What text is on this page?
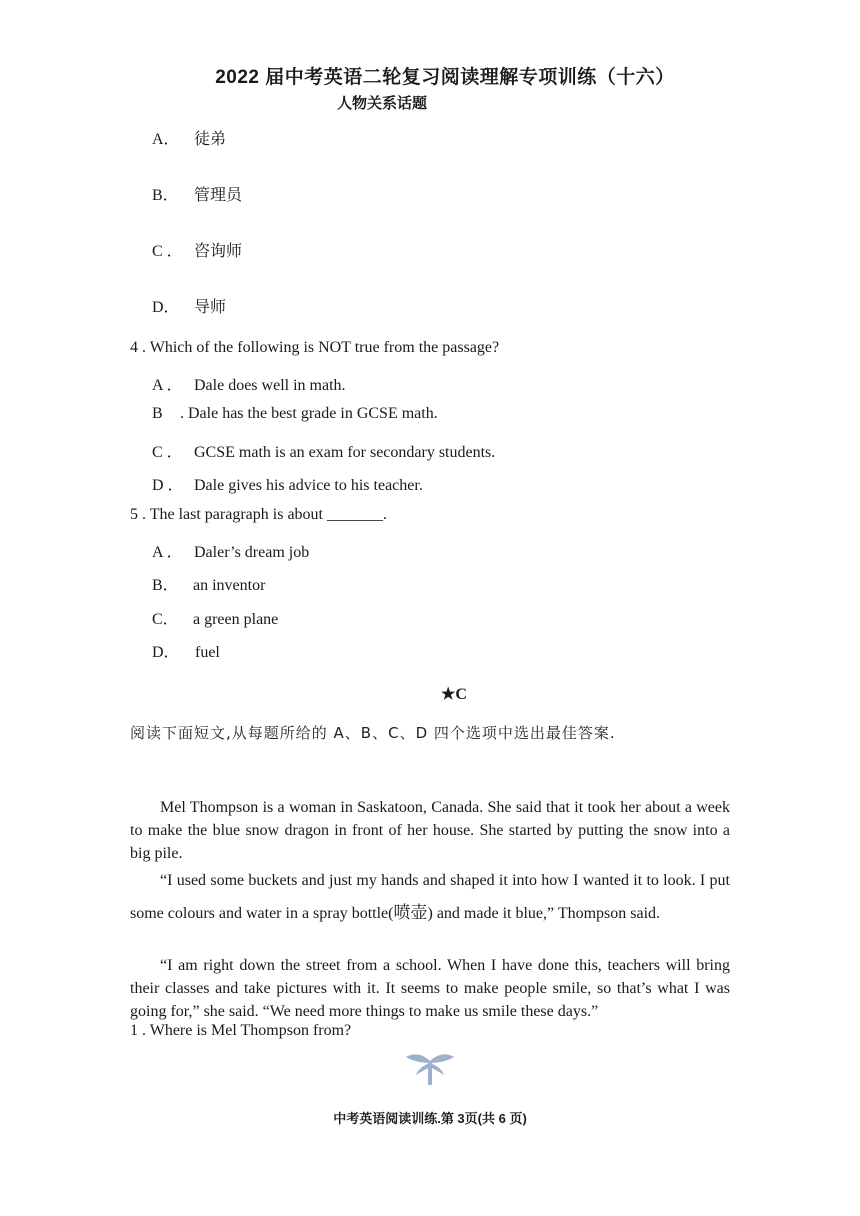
2022 届中考英语二轮复习阅读理解专项训练（十六）
人物关系话题
A． 徒弟
B． 管理员
C ． 咨询师
D． 导师
4 . Which of the following is NOT true from the passage?
A ． Dale does well in math.
B . Dale has the best grade in GCSE math.
C ． GCSE math is an exam for secondary students.
D ． Dale gives his advice to his teacher.
5 . The last paragraph is about _______.
A ． Daler’s dream job
B． an inventor
C． a green plane
D． fuel
★C
阅读下面短文,从每题所给的 A、B、C、D 四个选项中选出最佳答案.
Mel Thompson is a woman in Saskatoon, Canada. She said that it took her about a week to make the blue snow dragon in front of her house. She started by putting the snow into a big pile.
“I used some buckets and just my hands and shaped it into how I wanted it to look. I put some colours and water in a spray bottle(喷壶) and made it blue,” Thompson said.
“I am right down the street from a school. When I have done this, teachers will bring their classes and take pictures with it. It seems to make people smile, so that’s what I was going for,” she said. “We need more things to make us smile these days.”
1 . Where is Mel Thompson from?
中考英语阅读训练.第 3页(共 6 页)
